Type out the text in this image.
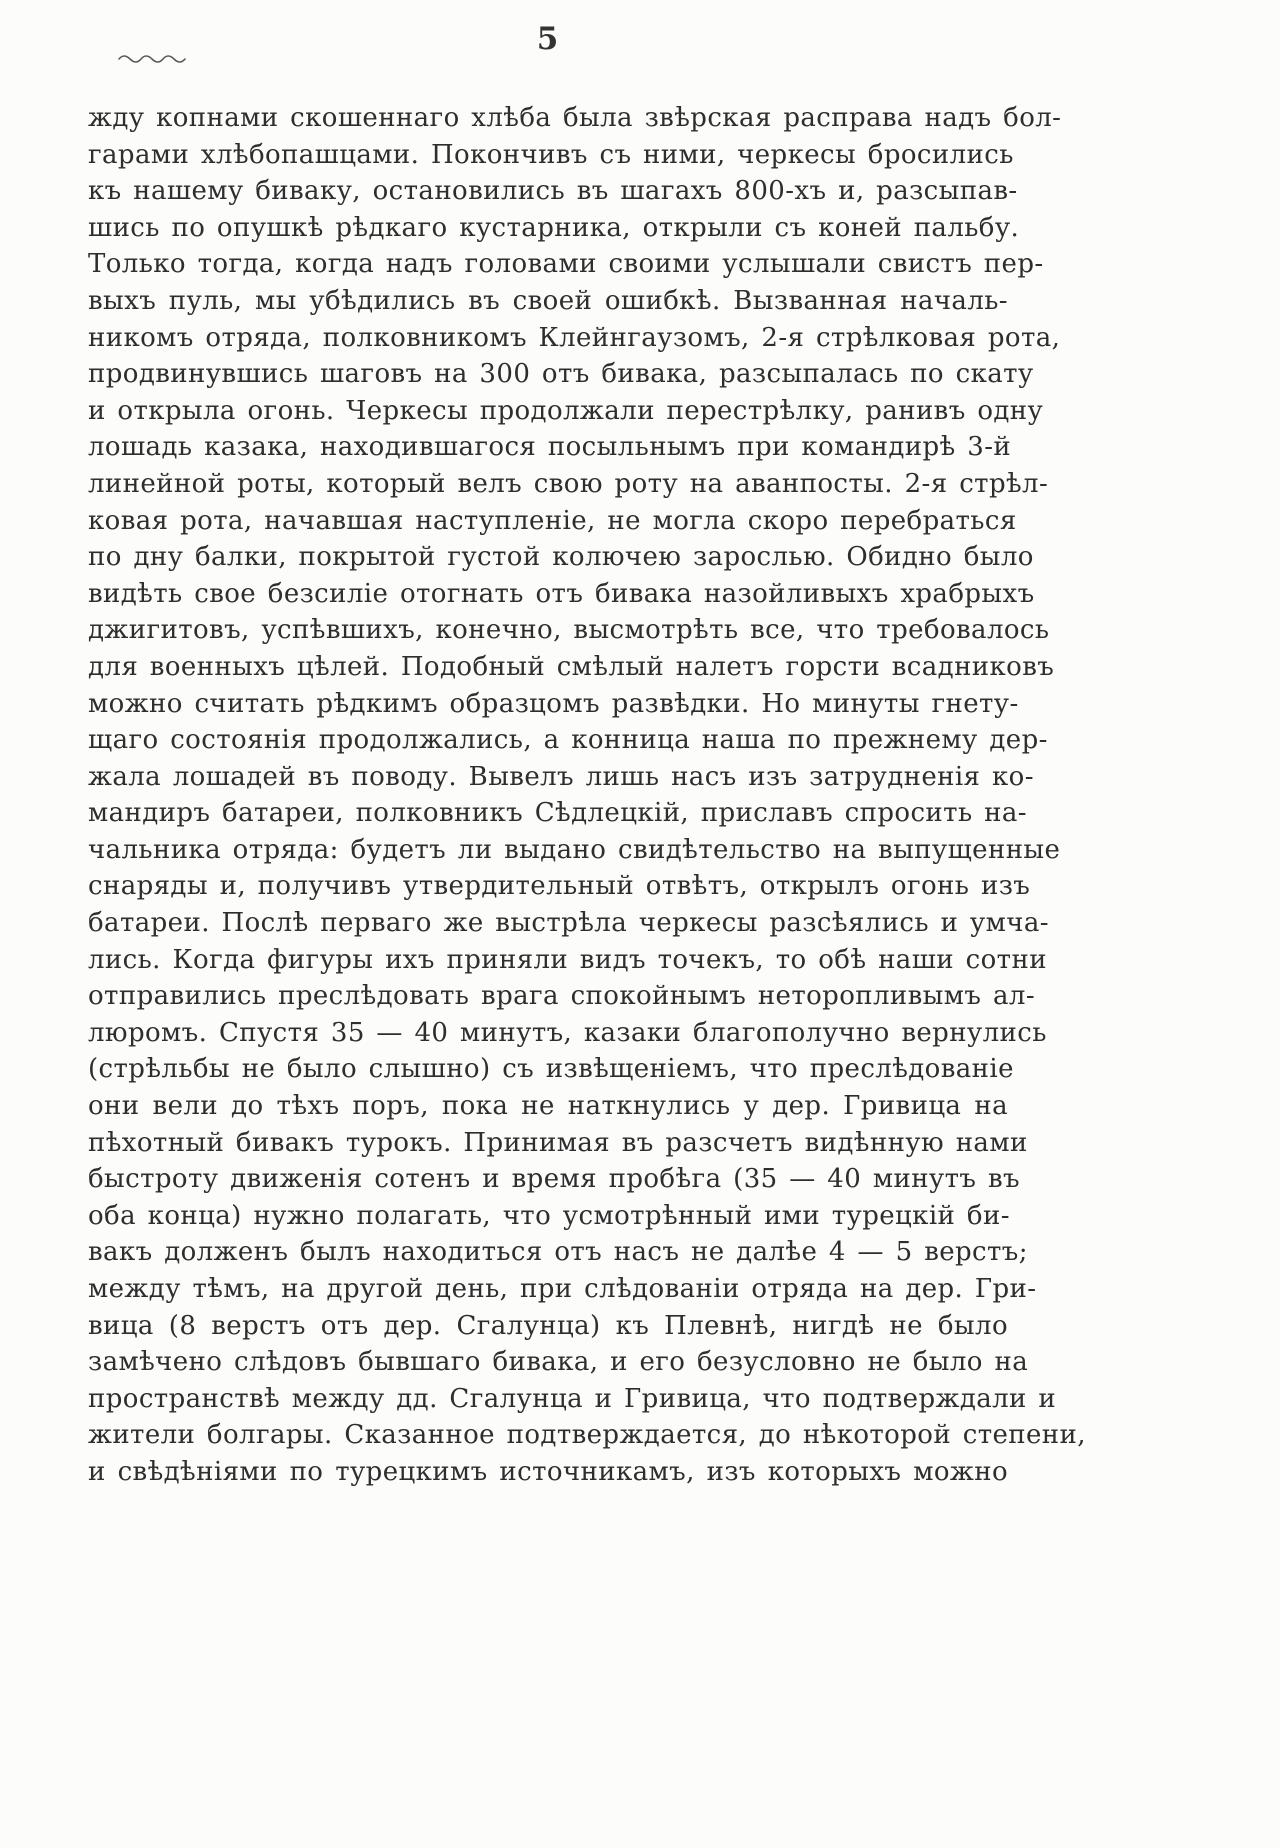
5
жду копнами скошеннаго хлѣба была звѣрская расправа надъ бол-
гарами хлѣбопашцами. Покончивъ съ ними, черкесы бросились
къ нашему биваку, остановились въ шагахъ 800-хъ и, разсыпав-
шись по опушкѣ рѣдкаго кустарника, открыли съ коней пальбу.
Только тогда, когда надъ головами своими услышали свистъ пер-
выхъ пуль, мы убѣдились въ своей ошибкѣ. Вызванная началь-
никомъ отряда, полковникомъ Клейнгаузомъ, 2-я стрѣлковая рота,
продвинувшись шаговъ на 300 отъ бивака, разсыпалась по скату
и открыла огонь. Черкесы продолжали перестрѣлку, ранивъ одну
лошадь казака, находившагося посыльнымъ при командирѣ 3-й
линейной роты, который велъ свою роту на аванпосты. 2-я стрѣл-
ковая рота, начавшая наступленіе, не могла скоро перебраться
по дну балки, покрытой густой колючею зарослью. Обидно было
видѣть свое безсиліе отогнать отъ бивака назойливыхъ храбрыхъ
джигитовъ, успѣвшихъ, конечно, высмотрѣть все, что требовалось
для военныхъ цѣлей. Подобный смѣлый налетъ горсти всадниковъ
можно считать рѣдкимъ образцомъ развѣдки. Но минуты гнету-
щаго состоянія продолжались, а конница наша по прежнему дер-
жала лошадей въ поводу. Вывелъ лишь насъ изъ затрудненія ко-
мандиръ батареи, полковникъ Сѣдлецкій, приславъ спросить на-
чальника отряда: будетъ ли выдано свидѣтельство на выпущенные
снаряды и, получивъ утвердительный отвѣтъ, открылъ огонь изъ
батареи. Послѣ перваго же выстрѣла черкесы разсѣялись и умча-
лись. Когда фигуры ихъ приняли видъ точекъ, то обѣ наши сотни
отправились преслѣдовать врага спокойнымъ неторопливымъ ал-
люромъ. Спустя 35 — 40 минутъ, казаки благополучно вернулись
(стрѣльбы не было слышно) съ извѣщеніемъ, что преслѣдованіе
они вели до тѣхъ поръ, пока не наткнулись у дер. Гривица на
пѣхотный бивакъ турокъ. Принимая въ разсчетъ видѣнную нами
быстроту движенія сотенъ и время пробѣга (35 — 40 минутъ въ
оба конца) нужно полагать, что усмотрѣнный ими турецкій би-
вакъ долженъ былъ находиться отъ насъ не далѣе 4 — 5 верстъ;
между тѣмъ, на другой день, при слѣдованіи отряда на дер. Гри-
вица (8 верстъ отъ дер. Сгалунца) къ Плевнѣ, нигдѣ не было
замѣчено слѣдовъ бывшаго бивака, и его безусловно не было на
пространствѣ между дд. Сгалунца и Гривица, что подтверждали и
жители болгары. Сказанное подтверждается, до нѣкоторой степени,
и свѣдѣніями по турецкимъ источникамъ, изъ которыхъ можно
